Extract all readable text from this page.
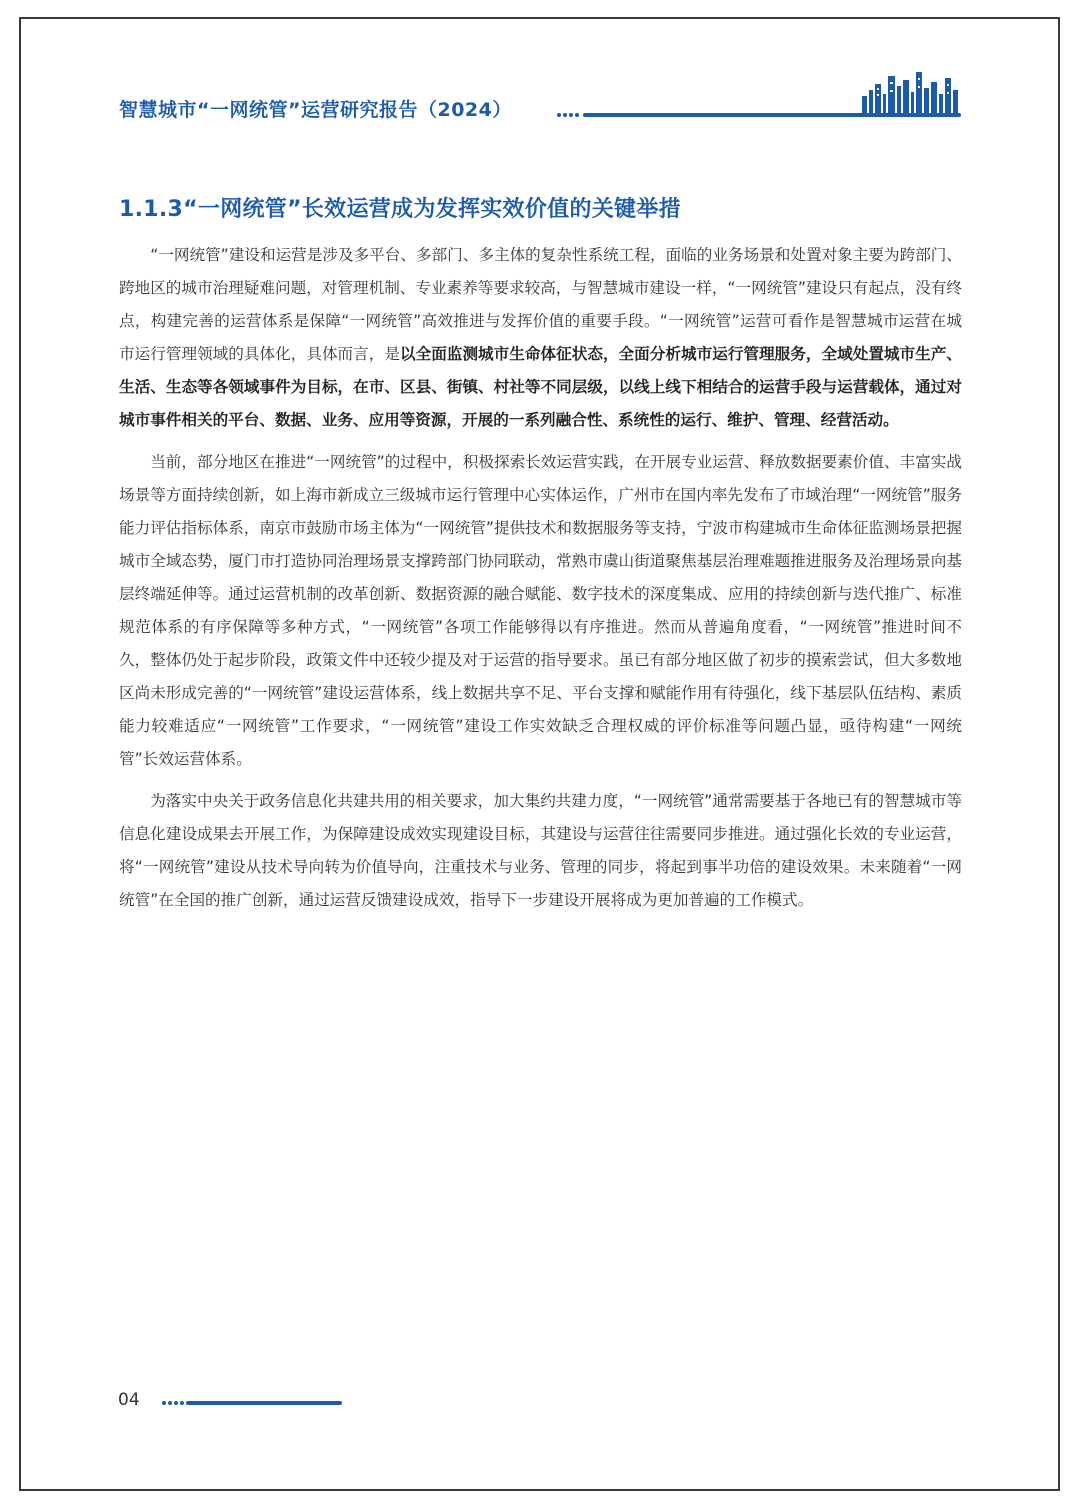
智慧城市“一网统管”运营研究报告（2024）
1.1.3“一网统管”长效运营成为发挥实效价值的关键举措

“一网统管”建设和运营是涉及多平台、多部门、多主体的复杂性系统工程，面临的业务场景和处置对象主要为跨部门、跨地区的城市治理疑难问题，对管理机制、专业素养等要求较高，与智慧城市建设一样，“一网统管”建设只有起点，没有终点，构建完善的运营体系是保障“一网统管”高效推进与发挥价值的重要手段。“一网统管”运营可看作是智慧城市运营在城市运行管理领域的具体化，具体而言，是以全面监测城市生命体征状态，全面分析城市运行管理服务，全域处置城市生产、生活、生态等各领域事件为目标，在市、区县、街镇、村社等不同层级，以线上线下相结合的运营手段与运营载体，通过对城市事件相关的平台、数据、业务、应用等资源，开展的一系列融合性、系统性的运行、维护、管理、经营活动。

当前，部分地区在推进“一网统管”的过程中，积极探索长效运营实践，在开展专业运营、释放数据要素价值、丰富实战场景等方面持续创新，如上海市新成立三级城市运行管理中心实体运作，广州市在国内率先发布了市域治理“一网统管”服务能力评估指标体系，南京市鼓励市场主体为“一网统管”提供技术和数据服务等支持，宁波市构建城市生命体征监测场景把握城市全域态势，厦门市打造协同治理场景支撑跨部门协同联动，常熟市虞山街道聚焦基层治理难题推进服务及治理场景向基层终端延伸等。通过运营机制的改革创新、数据资源的融合赋能、数字技术的深度集成、应用的持续创新与迭代推广、标准规范体系的有序保障等多种方式，“一网统管”各项工作能够得以有序推进。然而从普遍角度看，“一网统管”推进时间不久，整体仍处于起步阶段，政策文件中还较少提及对于运营的指导要求。虽已有部分地区做了初步的摸索尝试，但大多数地区尚未形成完善的“一网统管”建设运营体系，线上数据共享不足、平台支撑和赋能作用有待强化，线下基层队伍结构、素质能力较难适应“一网统管”工作要求，“一网统管”建设工作实效缺乏合理权威的评价标准等问题凸显，亟待构建“一网统管”长效运营体系。

为落实中央关于政务信息化共建共用的相关要求，加大集约共建力度，“一网统管”通常需要基于各地已有的智慧城市等信息化建设成果去开展工作，为保障建设成效实现建设目标，其建设与运营往往需要同步推进。通过强化长效的专业运营，将“一网统管”建设从技术导向转为价值导向，注重技术与业务、管理的同步，将起到事半功倍的建设效果。未来随着“一网统管”在全国的推广创新，通过运营反馈建设成效，指导下一步建设开展将成为更加普遍的工作模式。

04
